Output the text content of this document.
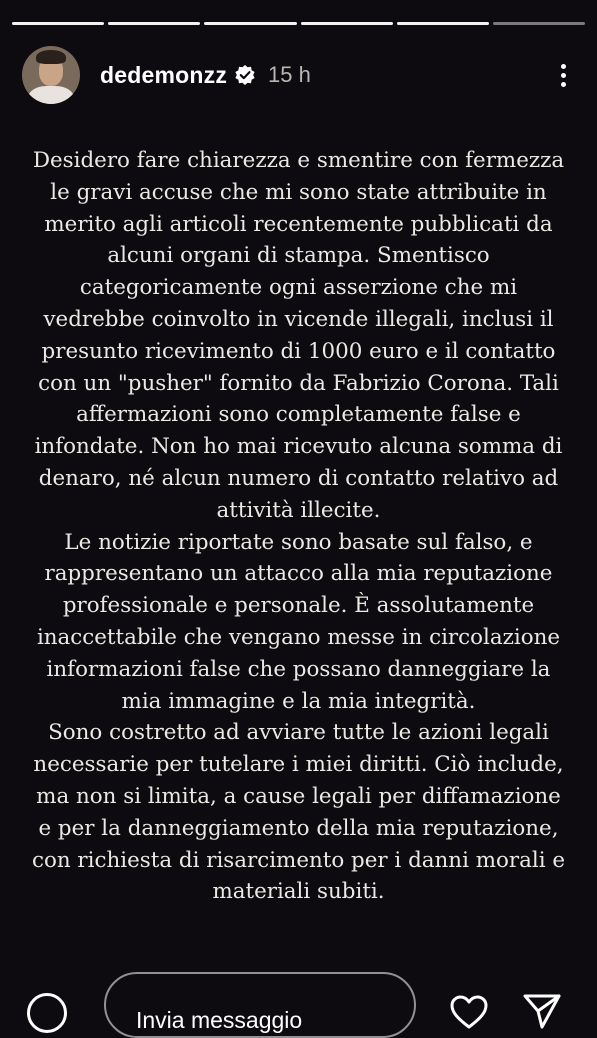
dedemonzz 15 h

Desidero fare chiarezza e smentire con fermezza le gravi accuse che mi sono state attribuite in merito agli articoli recentemente pubblicati da alcuni organi di stampa. Smentisco categoricamente ogni asserzione che mi vedrebbe coinvolto in vicende illegali, inclusi il presunto ricevimento di 1000 euro e il contatto con un "pusher" fornito da Fabrizio Corona. Tali affermazioni sono completamente false e infondate. Non ho mai ricevuto alcuna somma di denaro, né alcun numero di contatto relativo ad attività illecite.

Le notizie riportate sono basate sul falso, e rappresentano un attacco alla mia reputazione professionale e personale. È assolutamente inaccettabile che vengano messe in circolazione informazioni false che possano danneggiare la mia immagine e la mia integrità.

Sono costretto ad avviare tutte le azioni legali necessarie per tutelare i miei diritti. Ciò include, ma non si limita, a cause legali per diffamazione e per la danneggiamento della mia reputazione, con richiesta di risarcimento per i danni morali e materiali subiti.

Invia messaggio
